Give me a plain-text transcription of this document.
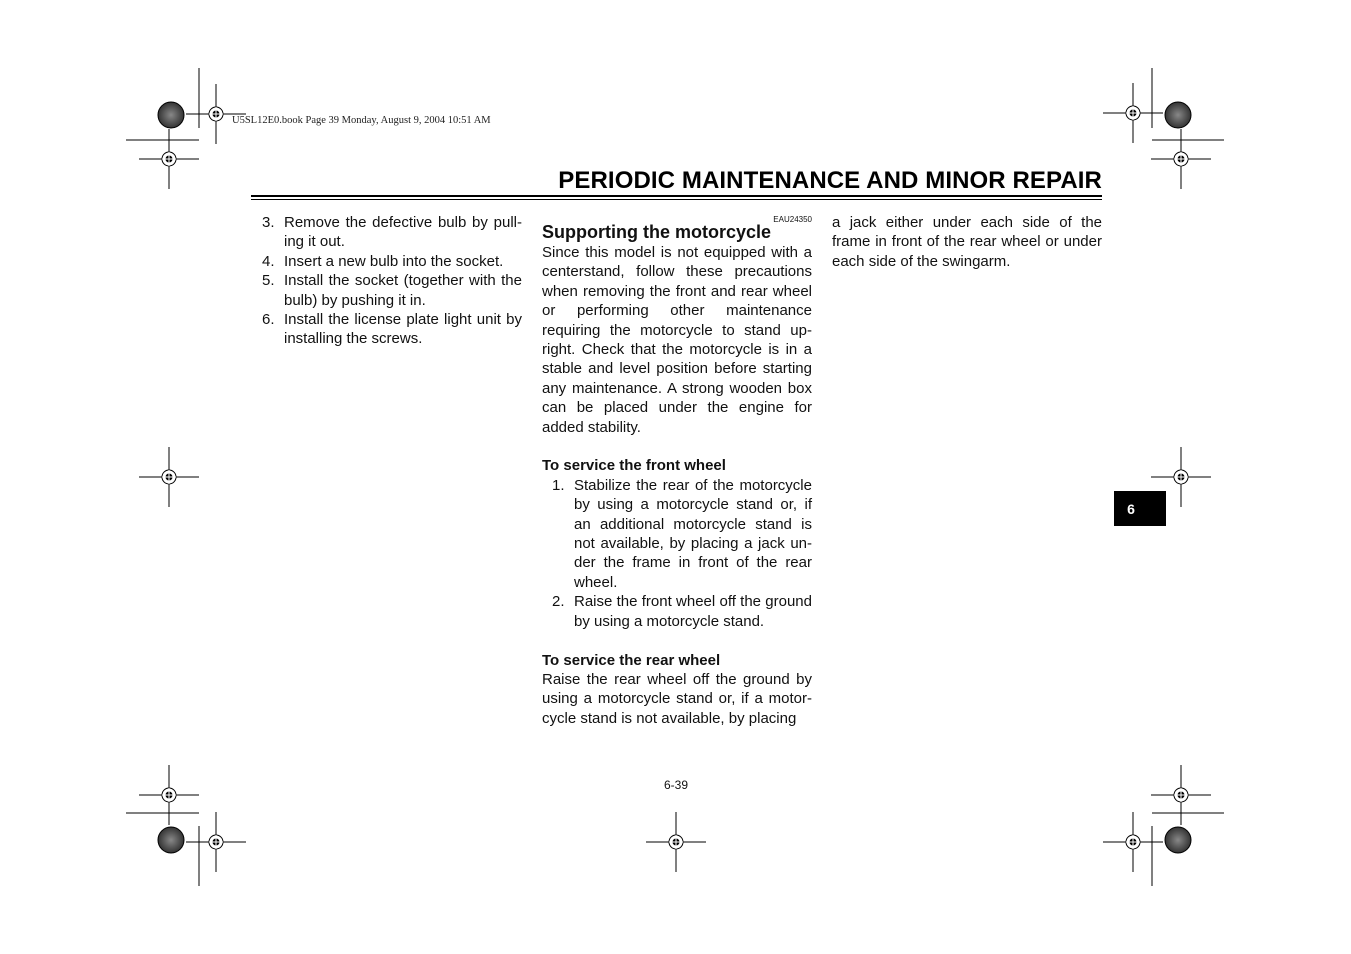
U5SL12E0.book Page 39 Monday, August 9, 2004 10:51 AM
PERIODIC MAINTENANCE AND MINOR REPAIR
3. Remove the defective bulb by pull-ing it out.
4. Insert a new bulb into the socket.
5. Install the socket (together with the bulb) by pushing it in.
6. Install the license plate light unit by installing the screws.
EAU24350
Supporting the motorcycle

Since this model is not equipped with a centerstand, follow these precautions when removing the front and rear wheel or performing other maintenance requiring the motorcycle to stand up-right. Check that the motorcycle is in a stable and level position before starting any maintenance. A strong wooden box can be placed under the engine for added stability.

To service the front wheel
1. Stabilize the rear of the motorcycle by using a motorcycle stand or, if an additional motorcycle stand is not available, by placing a jack un-der the frame in front of the rear wheel.
2. Raise the front wheel off the ground by using a motorcycle stand.
To service the rear wheel

Raise the rear wheel off the ground by using a motorcycle stand or, if a motor-cycle stand is not available, by placing

a jack either under each side of the frame in front of the rear wheel or under each side of the swingarm.

6-39
6
